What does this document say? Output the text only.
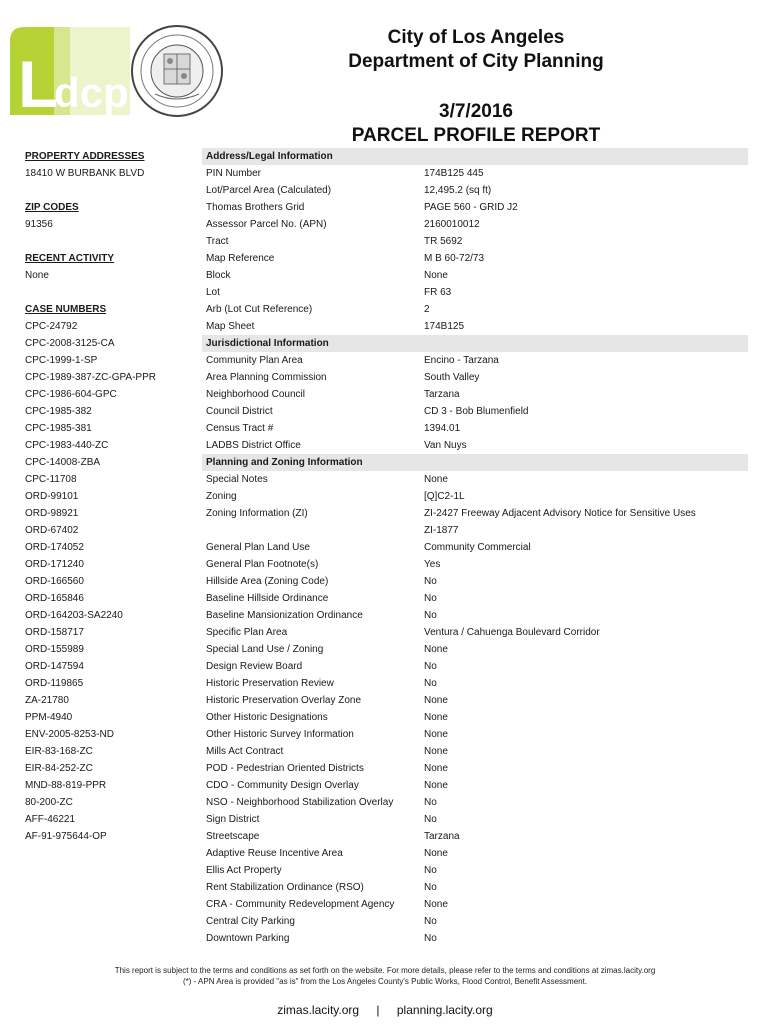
L
dcp
City of Los Angeles
Department of City Planning
3/7/2016
PARCEL PROFILE REPORT
PROPERTY ADDRESSES
18410 W BURBANK BLVD
ZIP CODES
91356
RECENT ACTIVITY
None
CASE NUMBERS
CPC-24792
CPC-2008-3125-CA
CPC-1999-1-SP
CPC-1989-387-ZC-GPA-PPR
CPC-1986-604-GPC
CPC-1985-382
CPC-1985-381
CPC-1983-440-ZC
CPC-14008-ZBA
CPC-11708
ORD-99101
ORD-98921
ORD-67402
ORD-174052
ORD-171240
ORD-166560
ORD-165846
ORD-164203-SA2240
ORD-158717
ORD-155989
ORD-147594
ORD-119865
ZA-21780
PPM-4940
ENV-2005-8253-ND
EIR-83-168-ZC
EIR-84-252-ZC
MND-88-819-PPR
80-200-ZC
AFF-46221
AF-91-975644-OP
Address/Legal Information
PIN Number	174B125 445
Lot/Parcel Area (Calculated)	12,495.2 (sq ft)
Thomas Brothers Grid	PAGE 560 - GRID J2
Assessor Parcel No. (APN)	2160010012
Tract	TR 5692
Map Reference	M B 60-72/73
Block	None
Lot	FR 63
Arb (Lot Cut Reference)	2
Map Sheet	174B125
Jurisdictional Information
Community Plan Area	Encino - Tarzana
Area Planning Commission	South Valley
Neighborhood Council	Tarzana
Council District	CD 3 - Bob Blumenfield
Census Tract #	1394.01
LADBS District Office	Van Nuys
Planning and Zoning Information
Special Notes	None
Zoning	[Q]C2-1L
Zoning Information (ZI)	ZI-2427 Freeway Adjacent Advisory Notice for Sensitive Uses
ZI-1877
General Plan Land Use	Community Commercial
General Plan Footnote(s)	Yes
Hillside Area (Zoning Code)	No
Baseline Hillside Ordinance	No
Baseline Mansionization Ordinance	No
Specific Plan Area	Ventura / Cahuenga Boulevard Corridor
Special Land Use / Zoning	None
Design Review Board	No
Historic Preservation Review	No
Historic Preservation Overlay Zone	None
Other Historic Designations	None
Other Historic Survey Information	None
Mills Act Contract	None
POD - Pedestrian Oriented Districts	None
CDO - Community Design Overlay	None
NSO - Neighborhood Stabilization Overlay	No
Sign District	No
Streetscape	Tarzana
Adaptive Reuse Incentive Area	None
Ellis Act Property	No
Rent Stabilization Ordinance (RSO)	No
CRA - Community Redevelopment Agency	None
Central City Parking	No
Downtown Parking	No
This report is subject to the terms and conditions as set forth on the website. For more details, please refer to the terms and conditions at zimas.lacity.org
(*) - APN Area is provided "as is" from the Los Angeles County's Public Works, Flood Control, Benefit Assessment.
zimas.lacity.org | planning.lacity.org
